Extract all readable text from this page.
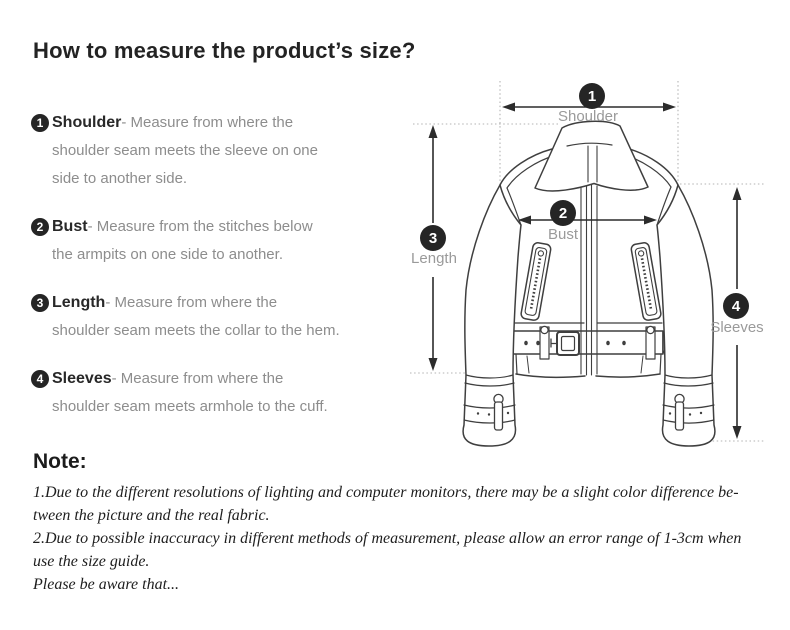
How to measure the product’s size?
1 Shoulder- Measure from where the
shoulder seam meets the sleeve on one
side to another side.
2 Bust- Measure from the stitches below
the armpits on one side to another.
3 Length- Measure from where the
shoulder seam meets the collar to the hem.
4 Sleeves- Measure from where the
shoulder seam meets armhole to the cuff.
1
Shoulder
2
Bust
3
Length
4
Sleeves
Note:
1.Due to the different resolutions of lighting and computer monitors, there may be a slight color difference be-
tween the picture and the real fabric.
2.Due to possible inaccuracy in different methods of measurement, please allow an error range of 1-3cm when
use the size guide.
Please be aware that...
